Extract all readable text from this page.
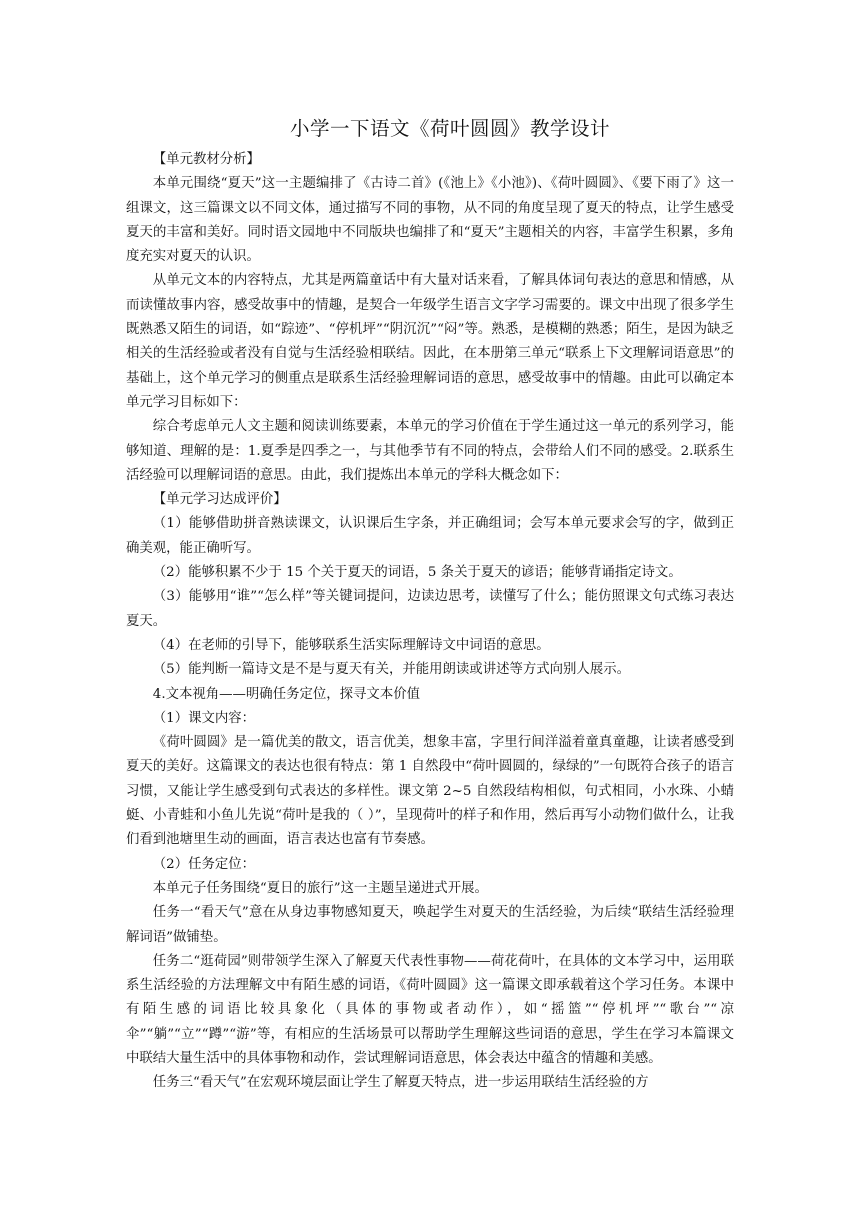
小学一下语文《荷叶圆圆》教学设计

【单元教材分析】

本单元围绕“夏天”这一主题编排了《古诗二首》(《池上》《小池》)、《荷叶圆圆》、《要下雨了》这一组课文，这三篇课文以不同文体，通过描写不同的事物，从不同的角度呈现了夏天的特点，让学生感受夏天的丰富和美好。同时语文园地中不同版块也编排了和“夏天”主题相关的内容，丰富学生积累，多角度充实对夏天的认识。

从单元文本的内容特点，尤其是两篇童话中有大量对话来看，了解具体词句表达的意思和情感，从而读懂故事内容，感受故事中的情趣，是契合一年级学生语言文字学习需要的。课文中出现了很多学生既熟悉又陌生的词语，如“踪迹”、“停机坪”“阴沉沉”“闷”等。熟悉，是模糊的熟悉；陌生，是因为缺乏相关的生活经验或者没有自觉与生活经验相联结。因此，在本册第三单元“联系上下文理解词语意思”的基础上，这个单元学习的侧重点是联系生活经验理解词语的意思，感受故事中的情趣。由此可以确定本单元学习目标如下：

综合考虑单元人文主题和阅读训练要素，本单元的学习价值在于学生通过这一单元的系列学习，能够知道、理解的是：1.夏季是四季之一，与其他季节有不同的特点，会带给人们不同的感受。2.联系生活经验可以理解词语的意思。由此，我们提炼出本单元的学科大概念如下：

【单元学习达成评价】

（1）能够借助拼音熟读课文，认识课后生字条，并正确组词；会写本单元要求会写的字，做到正确美观，能正确听写。

（2）能够积累不少于 15 个关于夏天的词语，5 条关于夏天的谚语；能够背诵指定诗文。

（3）能够用“谁”“怎么样”等关键词提问，边读边思考，读懂写了什么；能仿照课文句式练习表达夏天。

（4）在老师的引导下，能够联系生活实际理解诗文中词语的意思。

（5）能判断一篇诗文是不是与夏天有关，并能用朗读或讲述等方式向别人展示。

4.文本视角——明确任务定位，探寻文本价值

（1）课文内容：

《荷叶圆圆》是一篇优美的散文，语言优美，想象丰富，字里行间洋溢着童真童趣，让读者感受到夏天的美好。这篇课文的表达也很有特点：第 1 自然段中“荷叶圆圆的，绿绿的”一句既符合孩子的语言习惯，又能让学生感受到句式表达的多样性。课文第 2~5 自然段结构相似，句式相同，小水珠、小蜻蜓、小青蛙和小鱼儿先说“荷叶是我的（ ）”，呈现荷叶的样子和作用，然后再写小动物们做什么，让我们看到池塘里生动的画面，语言表达也富有节奏感。

（2）任务定位：

本单元子任务围绕“夏日的旅行”这一主题呈递进式开展。

任务一“看天气”意在从身边事物感知夏天，唤起学生对夏天的生活经验，为后续“联结生活经验理解词语”做铺垫。

任务二“逛荷园”则带领学生深入了解夏天代表性事物——荷花荷叶，在具体的文本学习中，运用联系生活经验的方法理解文中有陌生感的词语，《荷叶圆圆》这一篇课文即承载着这个学习任务。本课中有陌生感的词语比较具象化（具体的事物或者动作），如“摇篮”“停机坪”“歌台”“凉伞”“躺”“立”“蹲”“游”等，有相应的生活场景可以帮助学生理解这些词语的意思，学生在学习本篇课文中联结大量生活中的具体事物和动作，尝试理解词语意思，体会表达中蕴含的情趣和美感。

任务三“看天气”在宏观环境层面让学生了解夏天特点，进一步运用联结生活经验的方
